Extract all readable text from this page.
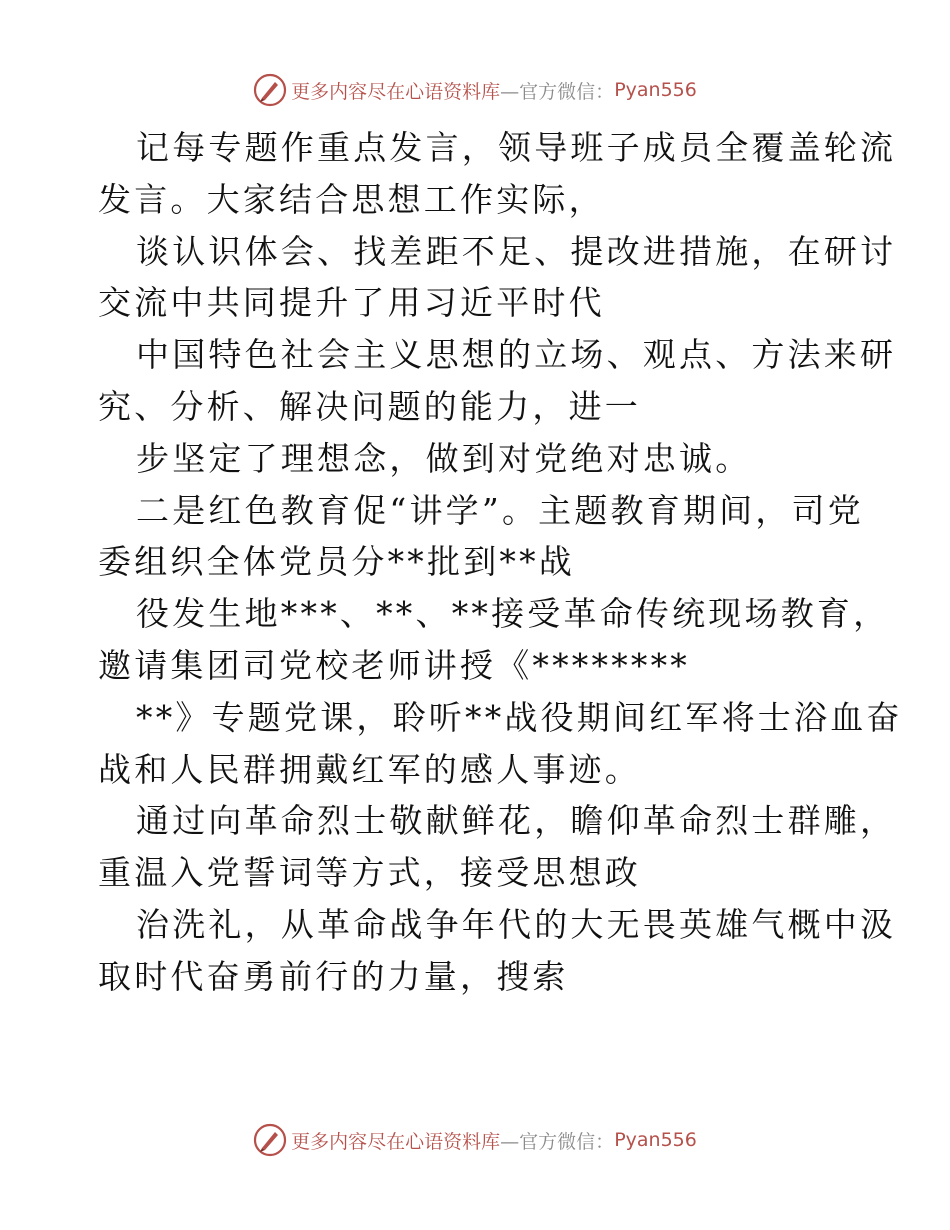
更多内容尽在心语资料库 —官方微信： Pyan556
记每专题作重点发言，领导班子成员全覆盖轮流
发言。大家结合思想工作实际，
谈认识体会、找差距不足、提改进措施，在研讨
交流中共同提升了用习近平时代
中国特色社会主义思想的立场、观点、方法来研
究、分析、解决问题的能力，进一
步坚定了理想念，做到对党绝对忠诚。
二是红色教育促“讲学”。主题教育期间，司党
委组织全体党员分**批到**战
役发生地***、**、**接受革命传统现场教育，
邀请集团司党校老师讲授《********
**》专题党课，聆听**战役期间红军将士浴血奋
战和人民群拥戴红军的感人事迹。
通过向革命烈士敬献鲜花，瞻仰革命烈士群雕，
重温入党誓词等方式，接受思想政
治洗礼，从革命战争年代的大无畏英雄气概中汲
取时代奋勇前行的力量，搜索
更多内容尽在心语资料库 —官方微信： Pyan556
